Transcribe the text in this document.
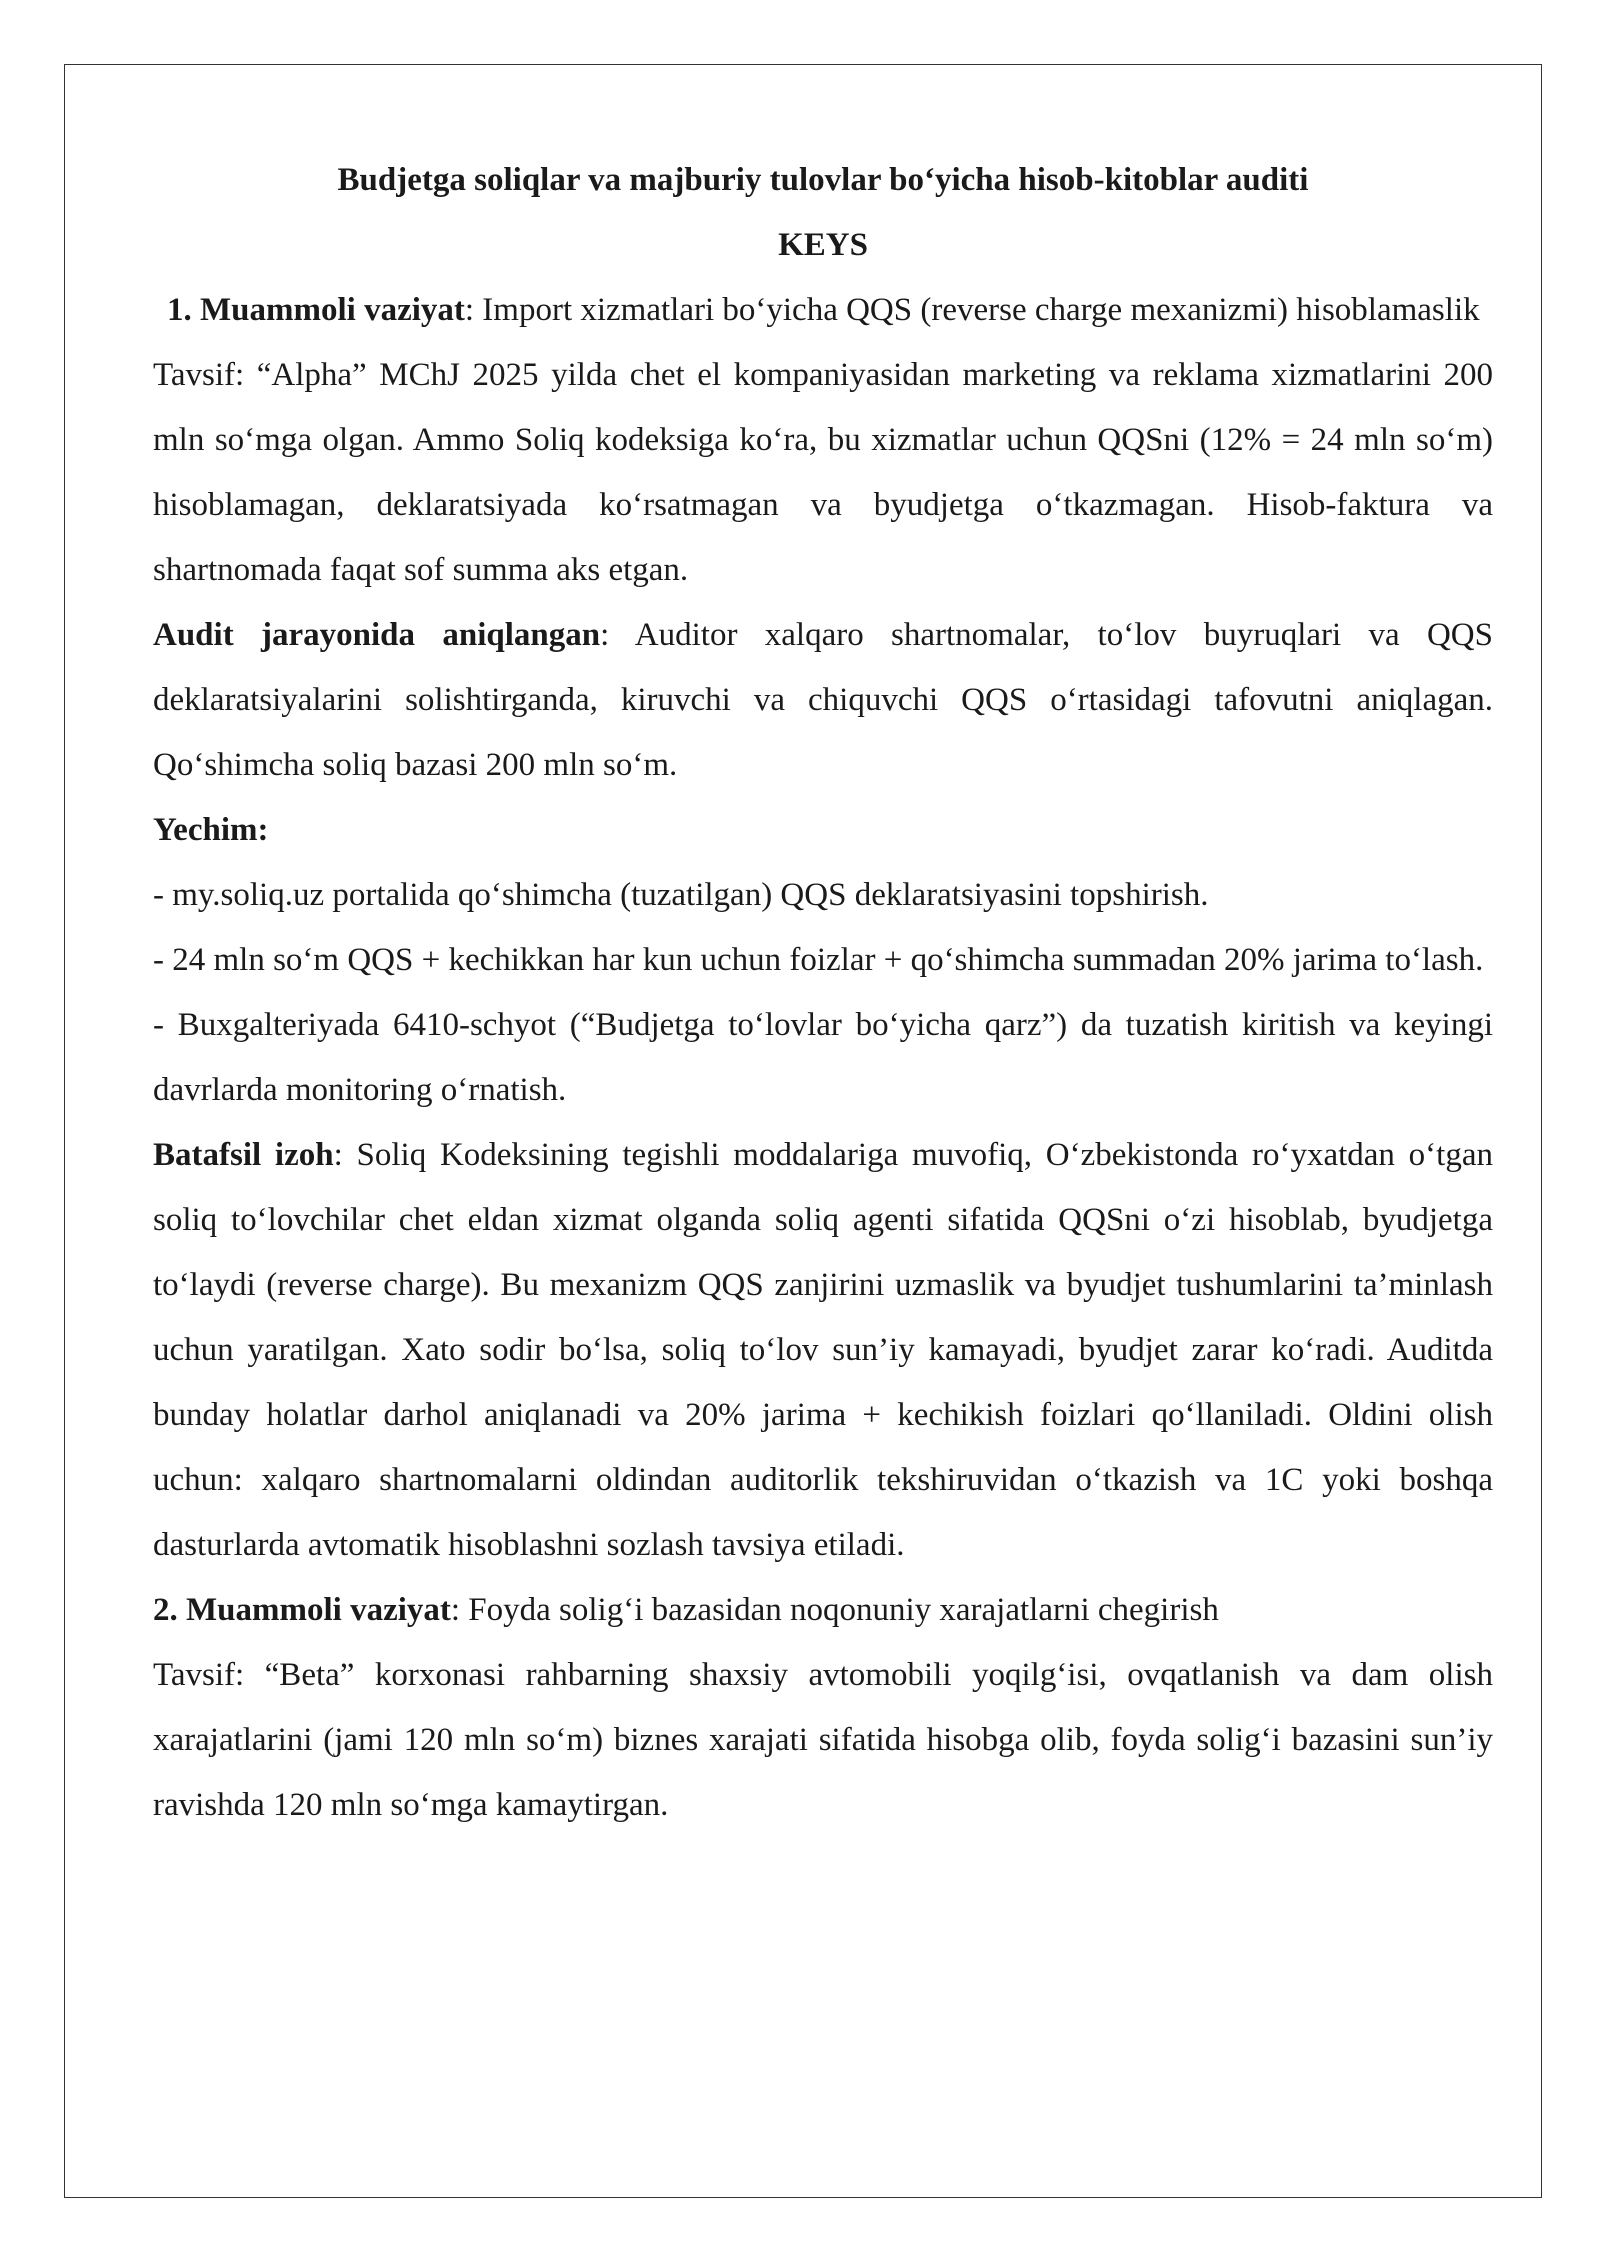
Budjetga soliqlar va majburiy tulovlar bo‘yicha hisob-kitoblar auditi

KEYS

1. Muammoli vaziyat: Import xizmatlari bo‘yicha QQS (reverse charge mexanizmi) hisoblamaslik

Tavsif: “Alpha” MChJ 2025 yilda chet el kompaniyasidan marketing va reklama xizmatlarini 200 mln so‘mga olgan. Ammo Soliq kodeksiga ko‘ra, bu xizmatlar uchun QQSni (12% = 24 mln so‘m) hisoblamagan, deklaratsiyada ko‘rsatmagan va byudjetga o‘tkazmagan. Hisob-faktura va shartnomada faqat sof summa aks etgan.

Audit jarayonida aniqlangan: Auditor xalqaro shartnomalar, to‘lov buyruqlari va QQS deklaratsiyalarini solishtirganda, kiruvchi va chiquvchi QQS o‘rtasidagi tafovutni aniqlagan. Qo‘shimcha soliq bazasi 200 mln so‘m.

Yechim:

- my.soliq.uz portalida qo‘shimcha (tuzatilgan) QQS deklaratsiyasini topshirish.

- 24 mln so‘m QQS + kechikkan har kun uchun foizlar + qo‘shimcha summadan 20% jarima to‘lash.

- Buxgalteriyada 6410-schyot (“Budjetga to‘lovlar bo‘yicha qarz”) da tuzatish kiritish va keyingi davrlarda monitoring o‘rnatish.

Batafsil izoh: Soliq Kodeksining tegishli moddalariga muvofiq, O‘zbekistonda ro‘yxatdan o‘tgan soliq to‘lovchilar chet eldan xizmat olganda soliq agenti sifatida QQSni o‘zi hisoblab, byudjetga to‘laydi (reverse charge). Bu mexanizm QQS zanjirini uzmaslik va byudjet tushumlarini ta’minlash uchun yaratilgan. Xato sodir bo‘lsa, soliq to‘lov sun’iy kamayadi, byudjet zarar ko‘radi. Auditda bunday holatlar darhol aniqlanadi va 20% jarima + kechikish foizlari qo‘llaniladi. Oldini olish uchun: xalqaro shartnomalarni oldindan auditorlik tekshiruvidan o‘tkazish va 1C yoki boshqa dasturlarda avtomatik hisoblashni sozlash tavsiya etiladi.

2. Muammoli vaziyat: Foyda solig‘i bazasidan noqonuniy xarajatlarni chegirish

Tavsif: “Beta” korxonasi rahbarning shaxsiy avtomobili yoqilg‘isi, ovqatlanish va dam olish xarajatlarini (jami 120 mln so‘m) biznes xarajati sifatida hisobga olib, foyda solig‘i bazasini sun’iy ravishda 120 mln so‘mga kamaytirgan.
